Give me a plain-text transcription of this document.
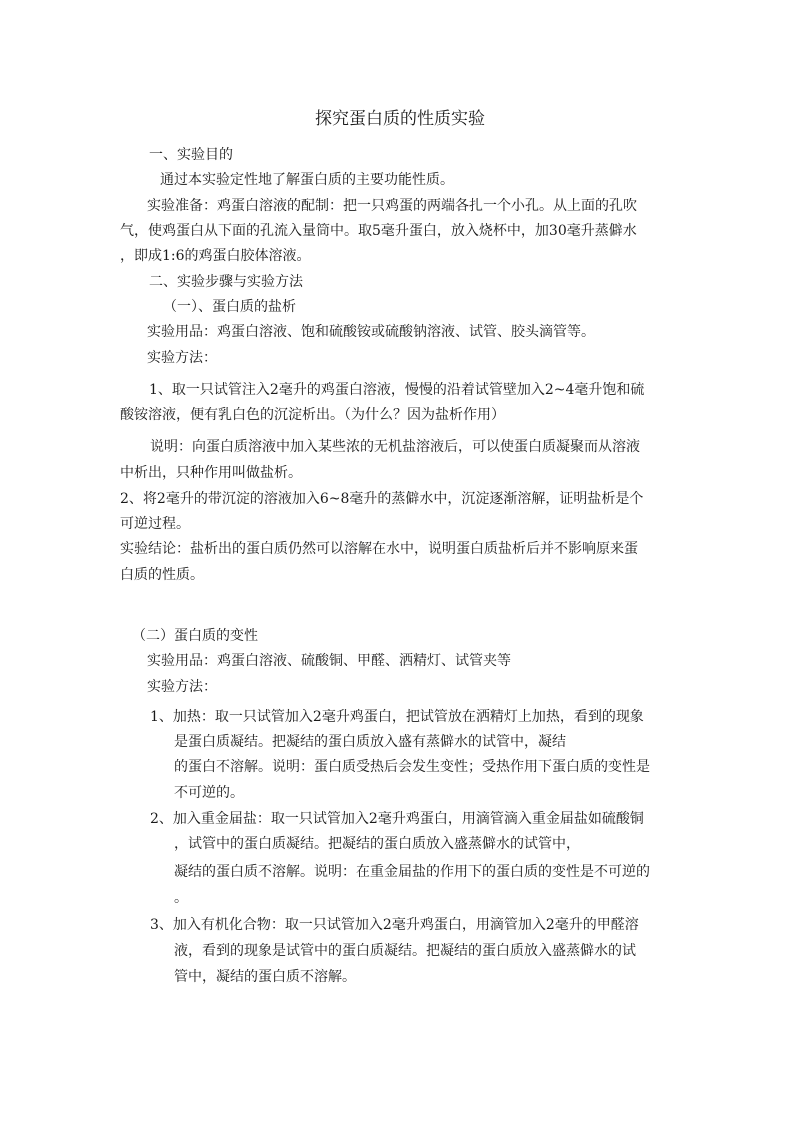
探究蛋白质的性质实验

一、实验目的

通过本实验定性地了解蛋白质的主要功能性质。

实验准备：鸡蛋白溶液的配制：把一只鸡蛋的两端各扎一个小孔。从上面的孔吹

气，使鸡蛋白从下面的孔流入量筒中。取5毫升蛋白，放入烧杯中，加30毫升蒸僻水

，即成1:6的鸡蛋白胶体溶液。

二、实验步骤与实验方法

（一）、蛋白质的盐析

实验用品：鸡蛋白溶液、饱和硫酸铵或硫酸钠溶液、试管、胶头滴管等。

实验方法：

1、取一只试管注入2毫升的鸡蛋白溶液，慢慢的沿着试管壁加入2~4毫升饱和硫

酸铵溶液，便有乳白色的沉淀析出。（为什么？因为盐析作用）

说明：向蛋白质溶液中加入某些浓的无机盐溶液后，可以使蛋白质凝聚而从溶液

中析出，只种作用叫做盐析。

2、将2毫升的带沉淀的溶液加入6~8毫升的蒸僻水中，沉淀逐渐溶解，证明盐析是个

可逆过程。

实验结论：盐析出的蛋白质仍然可以溶解在水中，说明蛋白质盐析后并不影响原来蛋

白质的性质。

（二）蛋白质的变性

实验用品：鸡蛋白溶液、硫酸铜、甲醛、洒精灯、试管夹等

实验方法：

1、加热：取一只试管加入2毫升鸡蛋白，把试管放在洒精灯上加热，看到的现象

是蛋白质凝结。把凝结的蛋白质放入盛有蒸僻水的试管中，凝结

的蛋白不溶解。说明：蛋白质受热后会发生变性；受热作用下蛋白质的变性是

不可逆的。

2、加入重金届盐：取一只试管加入2毫升鸡蛋白，用滴管滴入重金届盐如硫酸铜

，试管中的蛋白质凝结。把凝结的蛋白质放入盛蒸僻水的试管中，

凝结的蛋白质不溶解。说明：在重金届盐的作用下的蛋白质的变性是不可逆的

。

3、加入有机化合物：取一只试管加入2毫升鸡蛋白，用滴管加入2毫升的甲醛溶

液，看到的现象是试管中的蛋白质凝结。把凝结的蛋白质放入盛蒸僻水的试

管中，凝结的蛋白质不溶解。
